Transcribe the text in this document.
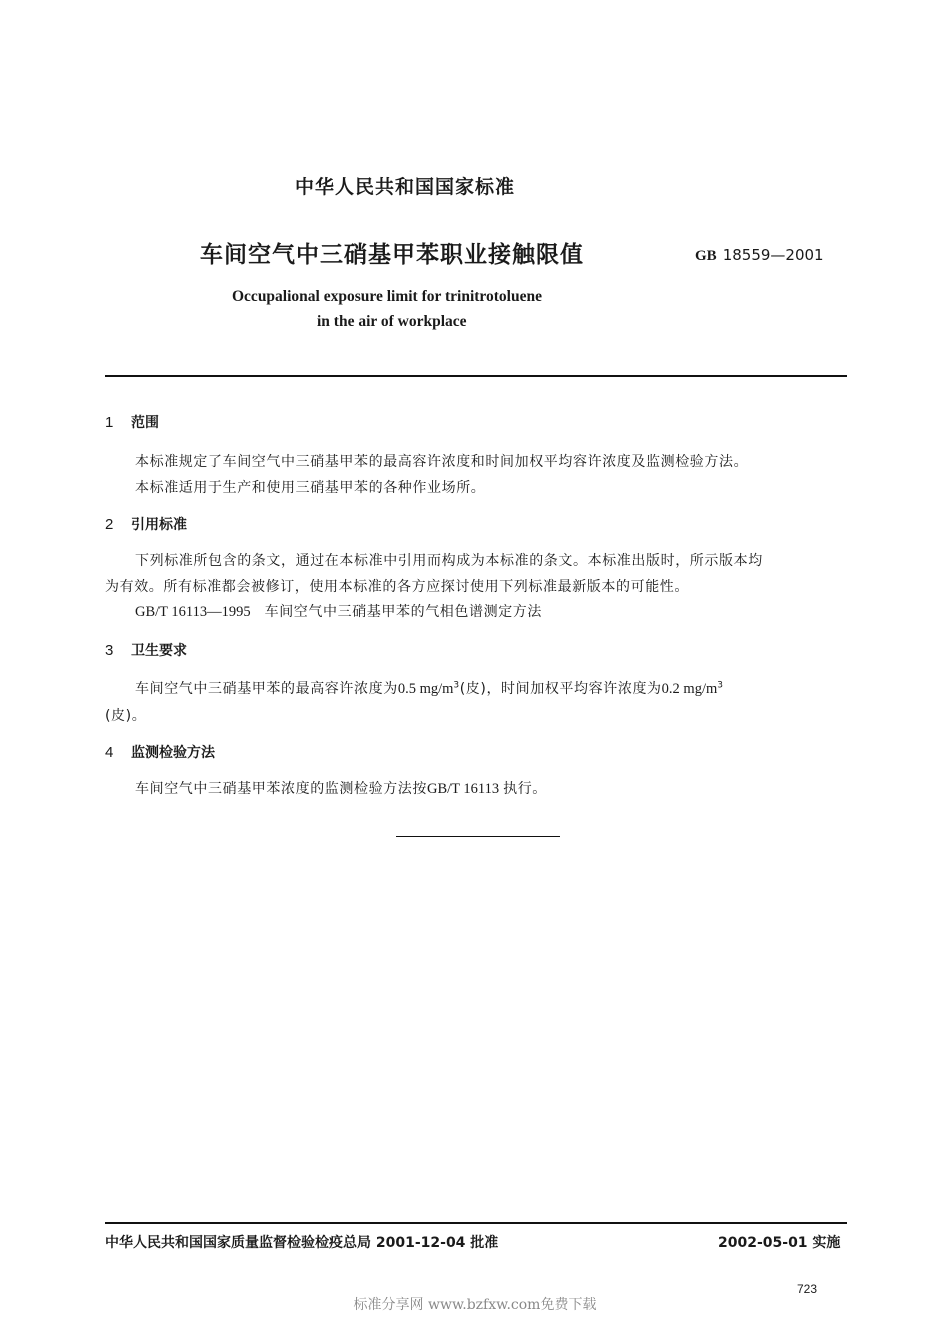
中华人民共和国国家标准
车间空气中三硝基甲苯职业接触限值	GB 18559—2001
Occupalional exposure limit for trinitrotoluene
in the air of workplace
1 范围
本标准规定了车间空气中三硝基甲苯的最高容许浓度和时间加权平均容许浓度及监测检验方法。
本标准适用于生产和使用三硝基甲苯的各种作业场所。
2 引用标准
下列标准所包含的条文，通过在本标准中引用而构成为本标准的条文。本标准出版时，所示版本均
为有效。所有标准都会被修订，使用本标准的各方应探讨使用下列标准最新版本的可能性。
GB/T 16113—1995 车间空气中三硝基甲苯的气相色谱测定方法
3 卫生要求
车间空气中三硝基甲苯的最高容许浓度为0.5 $mg/m^3$(皮)，时间加权平均容许浓度为0.2 $mg/m^3$
(皮)。
4 监测检验方法
车间空气中三硝基甲苯浓度的监测检验方法按GB/T 16113 执行。
中华人民共和国国家质量监督检验检疫总局 2001-12-04 批准	2002-05-01 实施
723
标准分享网 www.bzfxw.com免费下载
